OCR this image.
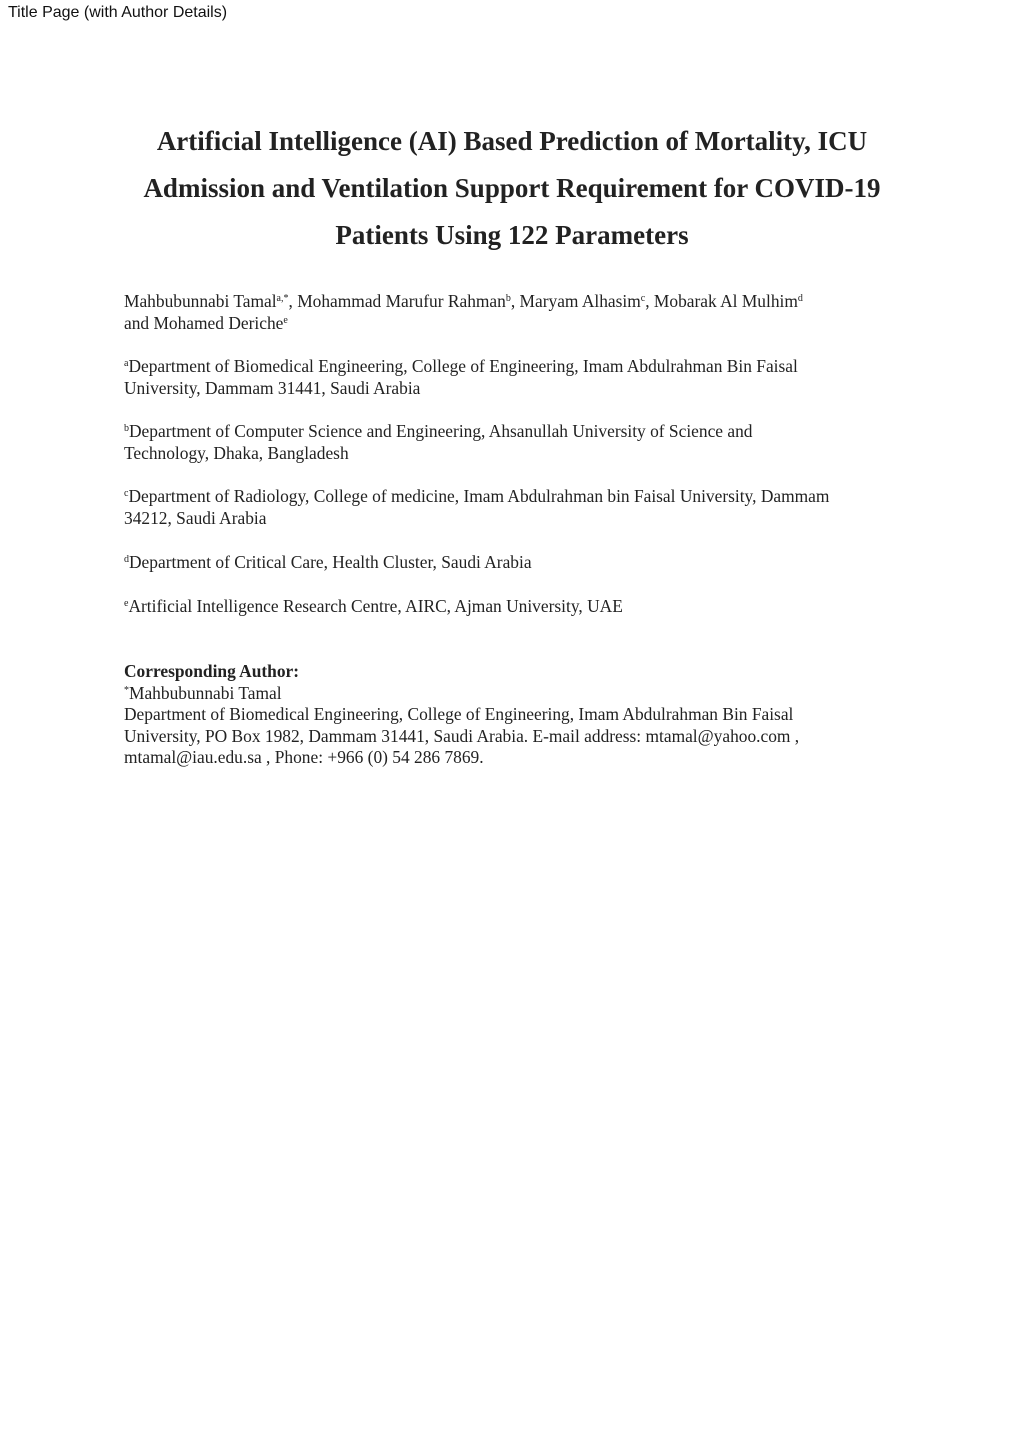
Title Page (with Author Details)
Artificial Intelligence (AI) Based Prediction of Mortality, ICU
Admission and Ventilation Support Requirement for COVID-19
Patients Using 122 Parameters
Mahbubunnabi Tamal$^{a,*}$, Mohammad Marufur Rahman$^b$, Maryam Alhasim$^c$, Mobarak Al Mulhim$^d$
and Mohamed Deriche$^e$
$^a$Department of Biomedical Engineering, College of Engineering, Imam Abdulrahman Bin Faisal
University, Dammam 31441, Saudi Arabia
$^b$Department of Computer Science and Engineering, Ahsanullah University of Science and
Technology, Dhaka, Bangladesh
$^c$Department of Radiology, College of medicine, Imam Abdulrahman bin Faisal University, Dammam
34212, Saudi Arabia
$^d$Department of Critical Care, Health Cluster, Saudi Arabia
$^e$Artificial Intelligence Research Centre, AIRC, Ajman University, UAE
Corresponding Author:
*Mahbubunnabi Tamal
Department of Biomedical Engineering, College of Engineering, Imam Abdulrahman Bin Faisal
University, PO Box 1982, Dammam 31441, Saudi Arabia. E-mail address: mtamal@yahoo.com ,
mtamal@iau.edu.sa , Phone: +966 (0) 54 286 7869.
